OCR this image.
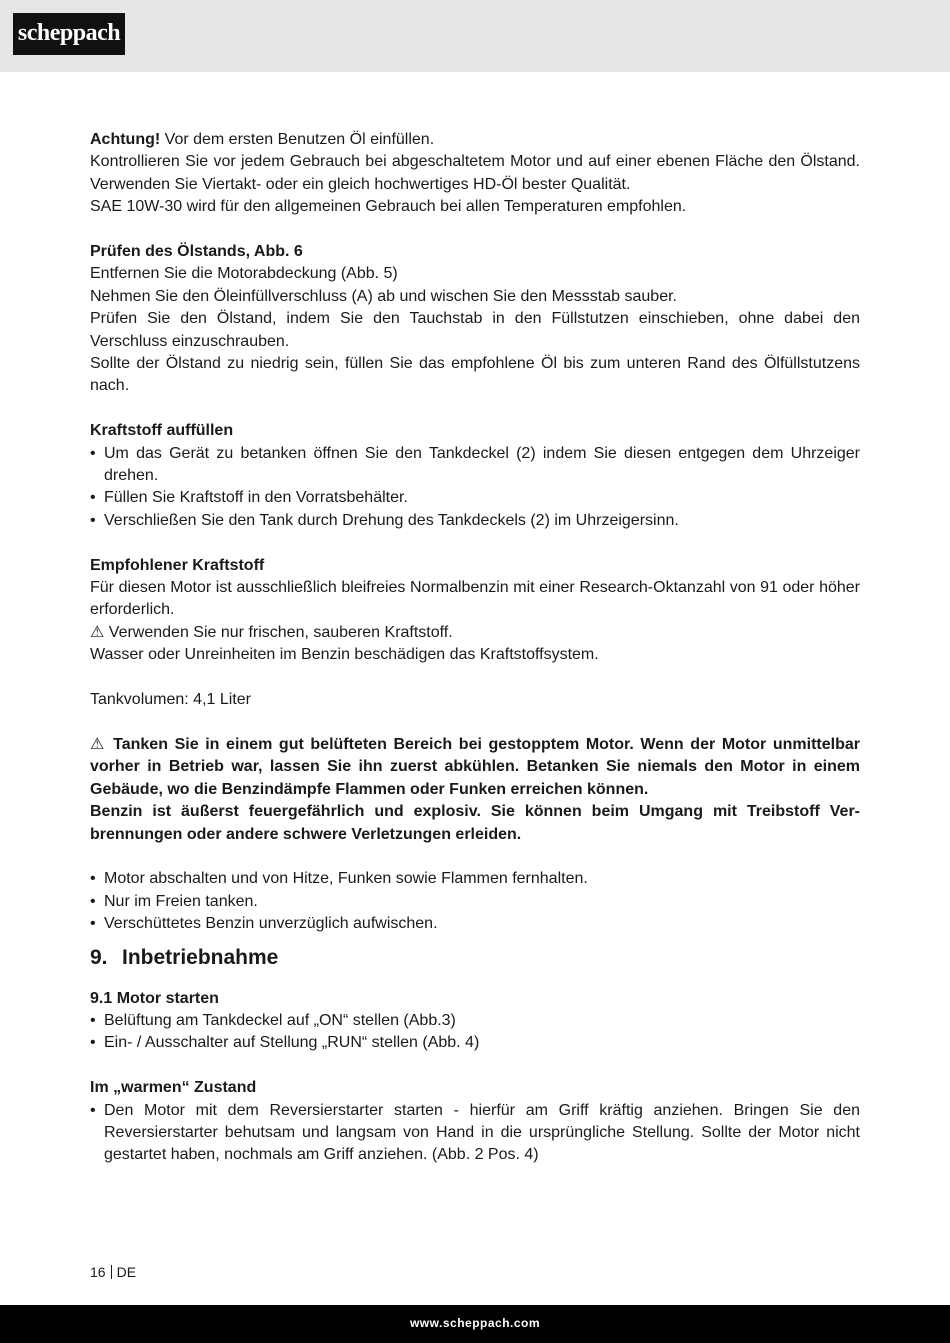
scheppach

Achtung! Vor dem ersten Benutzen Öl einfüllen.

Kontrollieren Sie vor jedem Gebrauch bei abgeschaltetem Motor und auf einer ebenen Fläche den Ölstand. Verwenden Sie Viertakt- oder ein gleich hochwertiges HD-Öl bester Qualität.

SAE 10W-30 wird für den allgemeinen Gebrauch bei allen Temperaturen empfohlen.

Prüfen des Ölstands, Abb. 6

Entfernen Sie die Motorabdeckung (Abb. 5)

Nehmen Sie den Öleinfüllverschluss (A) ab und wischen Sie den Messstab sauber.

Prüfen Sie den Ölstand, indem Sie den Tauchstab in den Füllstutzen einschieben, ohne dabei den Verschluss einzuschrauben.

Sollte der Ölstand zu niedrig sein, füllen Sie das empfohlene Öl bis zum unteren Rand des Ölfüllstutzens nach.

Kraftstoff auffüllen

• Um das Gerät zu betanken öffnen Sie den Tankdeckel (2) indem Sie diesen entgegen dem Uhrzeiger drehen.

• Füllen Sie Kraftstoff in den Vorratsbehälter.

• Verschließen Sie den Tank durch Drehung des Tankdeckels (2) im Uhrzeigersinn.

Empfohlener Kraftstoff

Für diesen Motor ist ausschließlich bleifreies Normalbenzin mit einer Research-Oktanzahl von 91 oder höher erforderlich.

⚠ Verwenden Sie nur frischen, sauberen Kraftstoff.

Wasser oder Unreinheiten im Benzin beschädigen das Kraftstoffsystem.

Tankvolumen: 4,1 Liter

⚠ Tanken Sie in einem gut belüfteten Bereich bei gestopptem Motor. Wenn der Motor unmittelbar vorher in Betrieb war, lassen Sie ihn zuerst abkühlen. Betanken Sie niemals den Motor in einem Gebäude, wo die Benzindämpfe Flammen oder Funken erreichen können.

Benzin ist äußerst feuergefährlich und explosiv. Sie können beim Umgang mit Treibstoff Verbrennungen oder andere schwere Verletzungen erleiden.

• Motor abschalten und von Hitze, Funken sowie Flammen fernhalten.

• Nur im Freien tanken.

• Verschüttetes Benzin unverzüglich aufwischen.

9. Inbetriebnahme

9.1 Motor starten

• Belüftung am Tankdeckel auf „ON“ stellen (Abb.3)

• Ein- / Ausschalter auf Stellung „RUN“ stellen (Abb. 4)

Im „warmen“ Zustand

• Den Motor mit dem Reversierstarter starten - hierfür am Griff kräftig anziehen. Bringen Sie den Reversierstarter behutsam und langsam von Hand in die ursprüngliche Stellung. Sollte der Motor nicht gestartet haben, nochmals am Griff anziehen. (Abb. 2 Pos. 4)

16 DE
www.scheppach.com
